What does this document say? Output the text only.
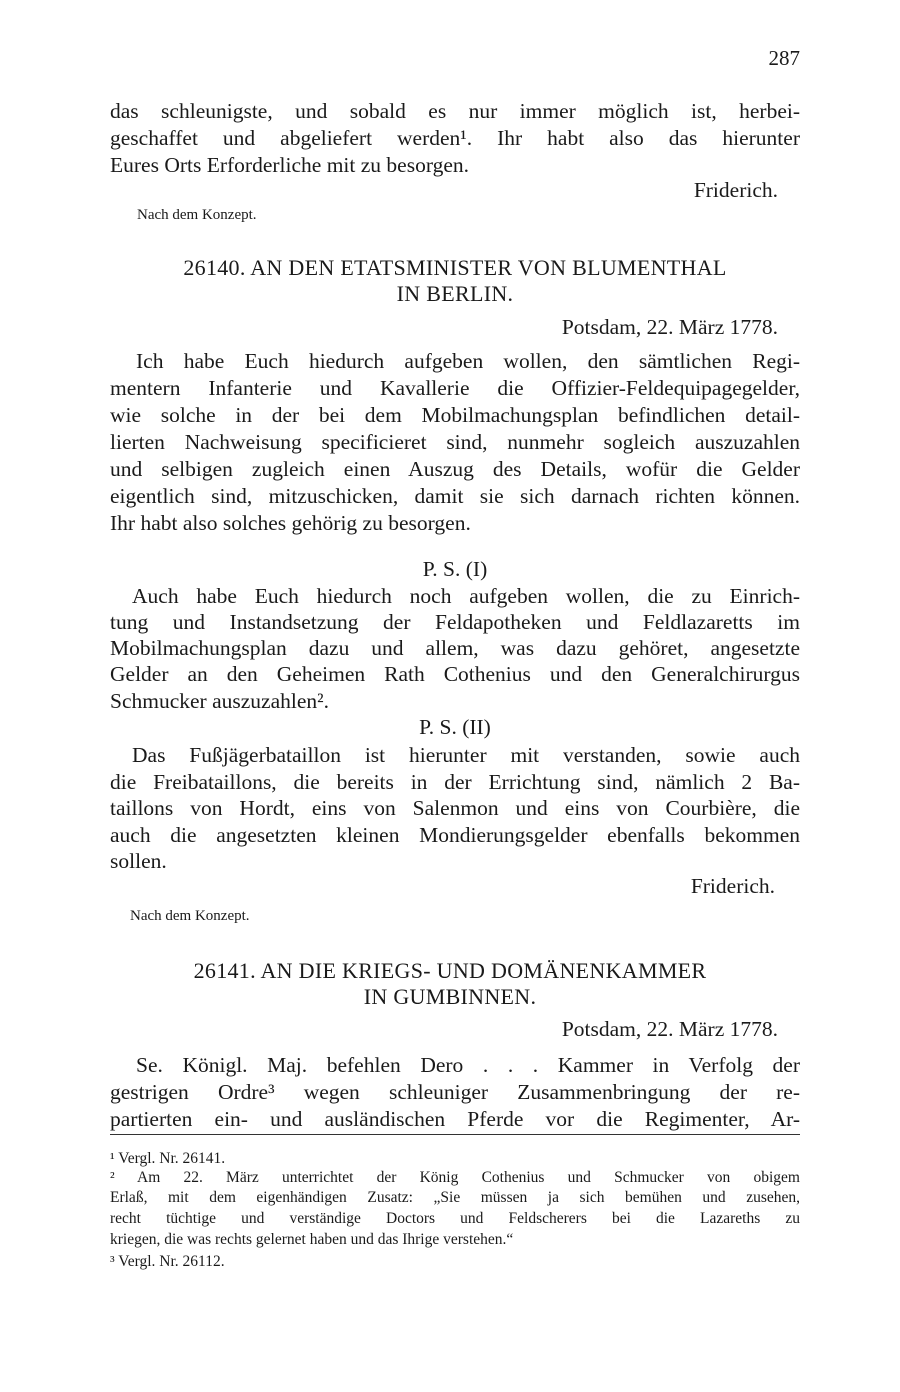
287
das schleunigste, und sobald es nur immer möglich ist, herbei-
geschaffet und abgeliefert werden¹. Ihr habt also das hierunter
Eures Orts Erforderliche mit zu besorgen.
Friderich.
Nach dem Konzept.
26140. AN DEN ETATSMINISTER VON BLUMENTHAL
IN BERLIN.
Potsdam, 22. März 1778.
Ich habe Euch hiedurch aufgeben wollen, den sämtlichen Regi-
mentern Infanterie und Kavallerie die Offizier-Feldequipagegelder,
wie solche in der bei dem Mobilmachungsplan befindlichen detail-
lierten Nachweisung specificieret sind, nunmehr sogleich auszuzahlen
und selbigen zugleich einen Auszug des Details, wofür die Gelder
eigentlich sind, mitzuschicken, damit sie sich darnach richten können.
Ihr habt also solches gehörig zu besorgen.
P. S. (I)
Auch habe Euch hiedurch noch aufgeben wollen, die zu Einrich-
tung und Instandsetzung der Feldapotheken und Feldlazaretts im
Mobilmachungsplan dazu und allem, was dazu gehöret, angesetzte
Gelder an den Geheimen Rath Cothenius und den Generalchirurgus
Schmucker auszuzahlen².
P. S. (II)
Das Fußjägerbataillon ist hierunter mit verstanden, sowie auch
die Freibataillons, die bereits in der Errichtung sind, nämlich 2 Ba-
taillons von Hordt, eins von Salenmon und eins von Courbière, die
auch die angesetzten kleinen Mondierungsgelder ebenfalls bekommen
sollen.
Friderich.
Nach dem Konzept.
26141. AN DIE KRIEGS- UND DOMÄNENKAMMER
IN GUMBINNEN.
Potsdam, 22. März 1778.
Se. Königl. Maj. befehlen Dero . . . Kammer in Verfolg der
gestrigen Ordre³ wegen schleuniger Zusammenbringung der re-
partierten ein- und ausländischen Pferde vor die Regimenter, Ar-
¹ Vergl. Nr. 26141.
² Am 22. März unterrichtet der König Cothenius und Schmucker von obigem
Erlaß, mit dem eigenhändigen Zusatz: „Sie müssen ja sich bemühen und zusehen,
recht tüchtige und verständige Doctors und Feldscherers bei die Lazareths zu
kriegen, die was rechts gelernet haben und das Ihrige verstehen.“
³ Vergl. Nr. 26112.
